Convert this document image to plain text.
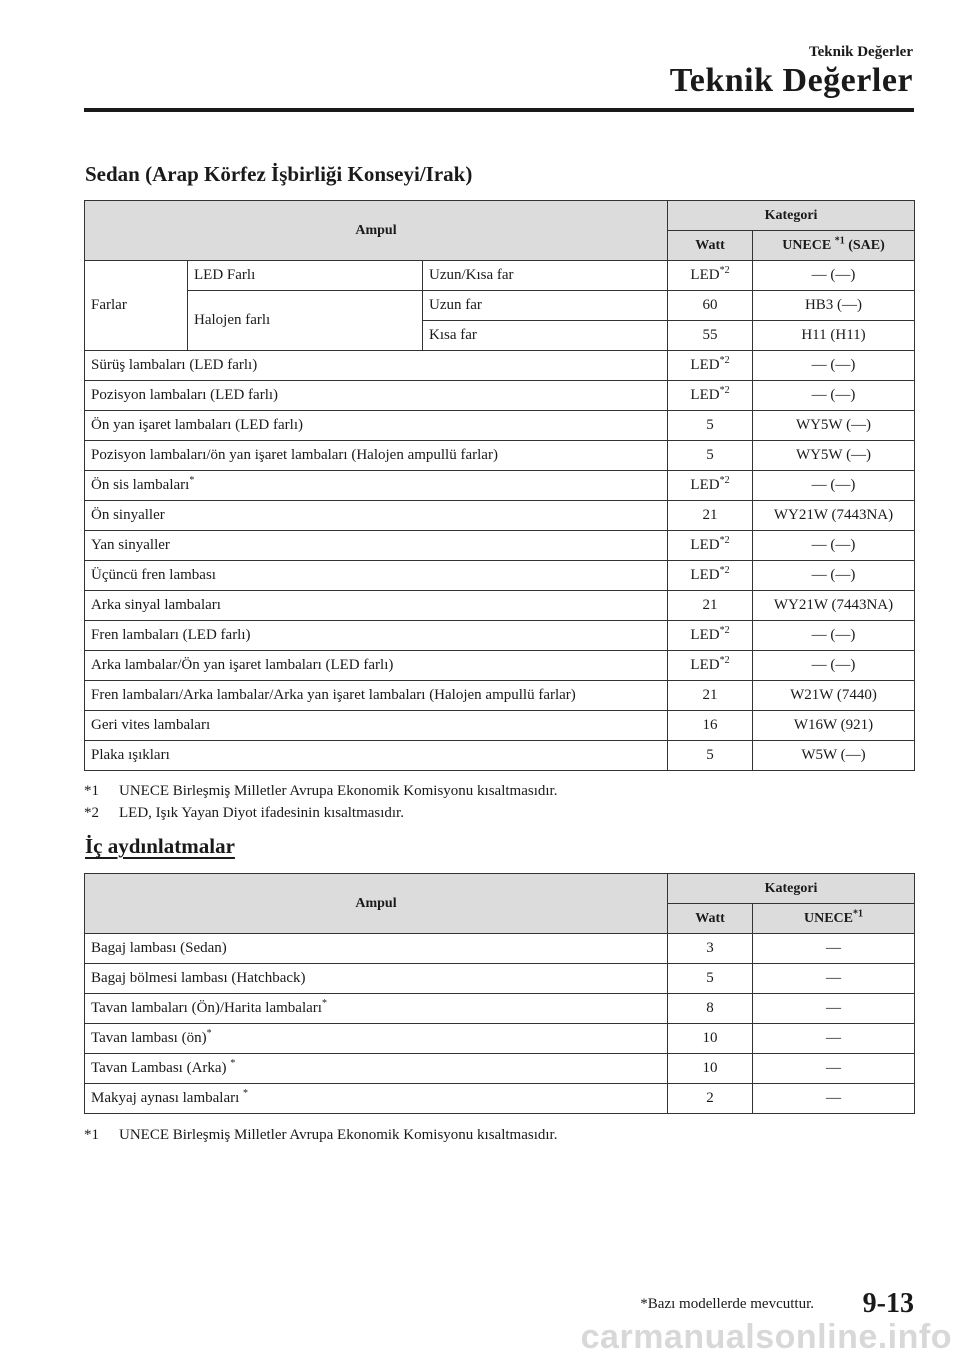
Teknik Değerler
Teknik Değerler
Sedan (Arap Körfez İşbirliği Konseyi/Irak)
Ampul			Kategori	
			Watt	UNECE $^{*1}$ (SAE)
Farlar	LED Farlı	Uzun/Kısa far	LED$^{*2}$	— (—)
	Halojen farlı	Uzun far	60	HB3 (—)
		Kısa far	55	H11 (H11)
Sürüş lambaları (LED farlı)			LED$^{*2}$	— (—)
Pozisyon lambaları (LED farlı)			LED$^{*2}$	— (—)
Ön yan işaret lambaları (LED farlı)			5	WY5W (—)
Pozisyon lambaları/ön yan işaret lambaları (Halojen ampullü farlar)			5	WY5W (—)
Ön sis lambaları*			LED$^{*2}$	— (—)
Ön sinyaller			21	WY21W (7443NA)
Yan sinyaller			LED$^{*2}$	— (—)
Üçüncü fren lambası			LED$^{*2}$	— (—)
Arka sinyal lambaları			21	WY21W (7443NA)
Fren lambaları (LED farlı)			LED$^{*2}$	— (—)
Arka lambalar/Ön yan işaret lambaları (LED farlı)			LED$^{*2}$	— (—)
Fren lambaları/Arka lambalar/Arka yan işaret lambaları (Halojen ampullü farlar)			21	W21W (7440)
Geri vites lambaları			16	W16W (921)
Plaka ışıkları			5	W5W (—)
*1	UNECE Birleşmiş Milletler Avrupa Ekonomik Komisyonu kısaltmasıdır.
*2	LED, Işık Yayan Diyot ifadesinin kısaltmasıdır.
İç aydınlatmalar
Ampul	Kategori	
	Watt	UNECE$^{*1}$
Bagaj lambası (Sedan)	3	—
Bagaj bölmesi lambası (Hatchback)	5	—
Tavan lambaları (Ön)/Harita lambaları*	8	—
Tavan lambası (ön)*	10	—
Tavan Lambası (Arka) *	10	—
Makyaj aynası lambaları *	2	—
*1	UNECE Birleşmiş Milletler Avrupa Ekonomik Komisyonu kısaltmasıdır.
*Bazı modellerde mevcuttur. 9-13
carmanualsonline.info
